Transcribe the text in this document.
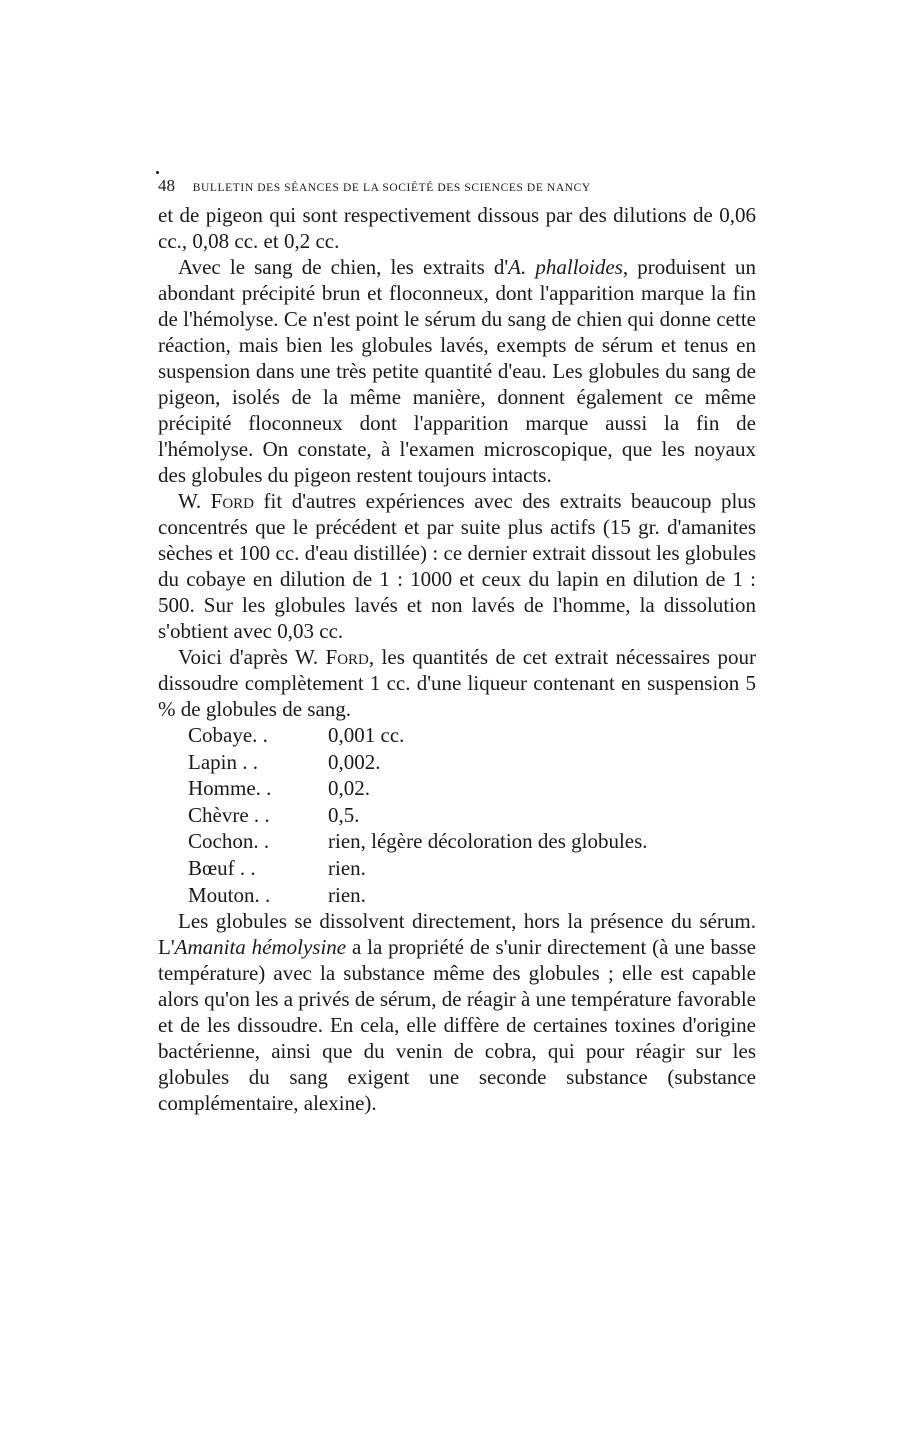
48 BULLETIN DES SÉANCES DE LA SOCIÉTÉ DES SCIENCES DE NANCY

et de pigeon qui sont respectivement dissous par des dilutions de 0,06 cc., 0,08 cc. et 0,2 cc.

Avec le sang de chien, les extraits d'A. phalloides, produisent un abondant précipité brun et floconneux, dont l'apparition marque la fin de l'hémolyse. Ce n'est point le sérum du sang de chien qui donne cette réaction, mais bien les globules lavés, exempts de sérum et tenus en suspension dans une très petite quantité d'eau. Les globules du sang de pigeon, isolés de la même manière, donnent également ce même précipité floconneux dont l'apparition marque aussi la fin de l'hémolyse. On constate, à l'examen microscopique, que les noyaux des globules du pigeon restent toujours intacts.

W. Ford fit d'autres expériences avec des extraits beaucoup plus concentrés que le précédent et par suite plus actifs (15 gr. d'amanites sèches et 100 cc. d'eau distillée) : ce dernier extrait dissout les globules du cobaye en dilution de 1 : 1000 et ceux du lapin en dilution de 1 : 500. Sur les globules lavés et non lavés de l'homme, la dissolution s'obtient avec 0,03 cc.

Voici d'après W. Ford, les quantités de cet extrait nécessaires pour dissoudre complètement 1 cc. d'une liqueur contenant en suspension 5 % de globules de sang.

Cobaye. .	0,001 cc.
Lapin . .	0,002.
Homme. .	0,02.
Chèvre . .	0,5.
Cochon. .	rien, légère décoloration des globules.
Bœuf . .	rien.
Mouton. .	rien.

Les globules se dissolvent directement, hors la présence du sérum. L'Amanita hémolysine a la propriété de s'unir directement (à une basse température) avec la substance même des globules ; elle est capable alors qu'on les a privés de sérum, de réagir à une température favorable et de les dissoudre. En cela, elle diffère de certaines toxines d'origine bactérienne, ainsi que du venin de cobra, qui pour réagir sur les globules du sang exigent une seconde substance (substance complémentaire, alexine).
